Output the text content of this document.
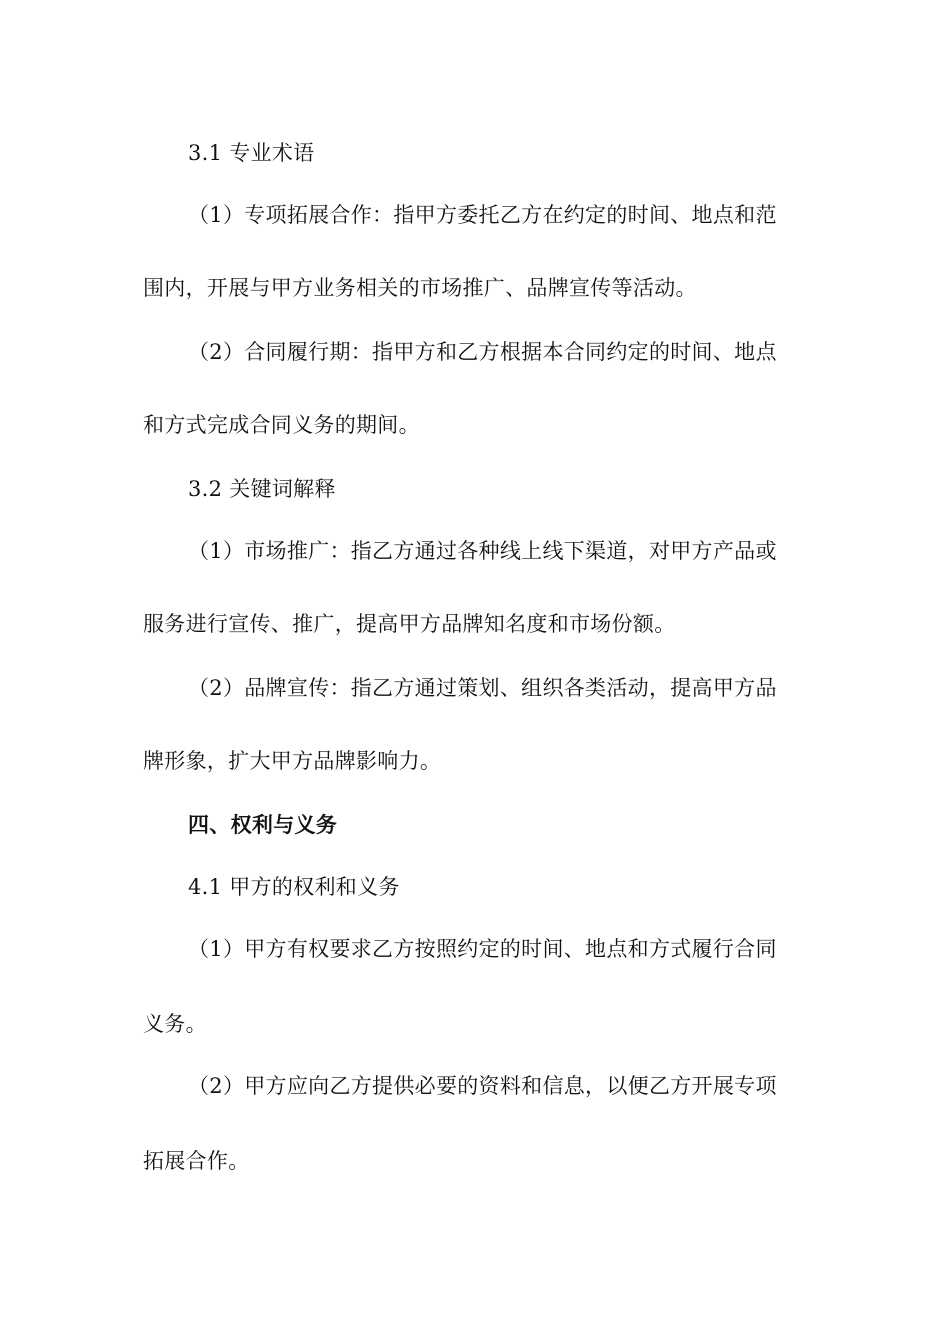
3.1 专业术语
（1）专项拓展合作：指甲方委托乙方在约定的时间、地点和范
围内，开展与甲方业务相关的市场推广、品牌宣传等活动。
（2）合同履行期：指甲方和乙方根据本合同约定的时间、地点
和方式完成合同义务的期间。
3.2 关键词解释
（1）市场推广：指乙方通过各种线上线下渠道，对甲方产品或
服务进行宣传、推广，提高甲方品牌知名度和市场份额。
（2）品牌宣传：指乙方通过策划、组织各类活动，提高甲方品
牌形象，扩大甲方品牌影响力。
四、权利与义务
4.1 甲方的权利和义务
（1）甲方有权要求乙方按照约定的时间、地点和方式履行合同
义务。
（2）甲方应向乙方提供必要的资料和信息，以便乙方开展专项
拓展合作。
